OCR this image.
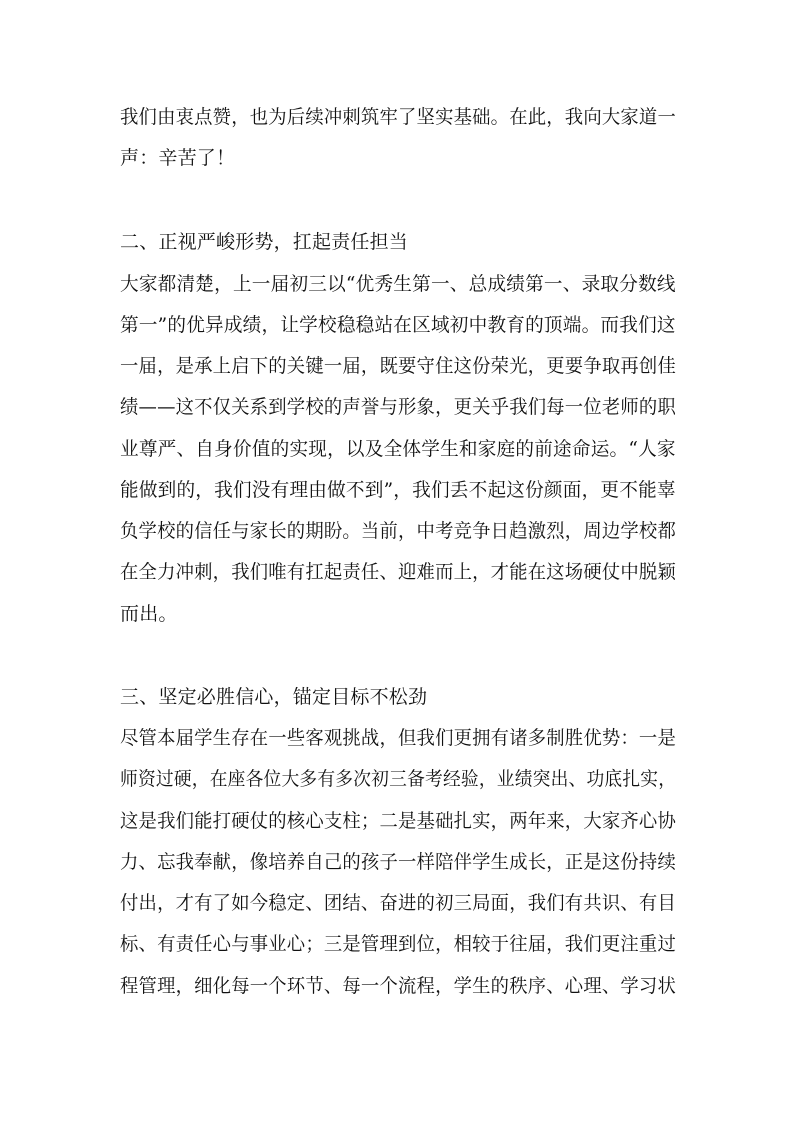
我们由衷点赞，也为后续冲刺筑牢了坚实基础。在此，我向大家道一
声：辛苦了！
二、正视严峻形势，扛起责任担当
大家都清楚，上一届初三以“优秀生第一、总成绩第一、录取分数线
第一”的优异成绩，让学校稳稳站在区域初中教育的顶端。而我们这
一届，是承上启下的关键一届，既要守住这份荣光，更要争取再创佳
绩——这不仅关系到学校的声誉与形象，更关乎我们每一位老师的职
业尊严、自身价值的实现，以及全体学生和家庭的前途命运。“人家
能做到的，我们没有理由做不到”，我们丢不起这份颜面，更不能辜
负学校的信任与家长的期盼。当前，中考竞争日趋激烈，周边学校都
在全力冲刺，我们唯有扛起责任、迎难而上，才能在这场硬仗中脱颖
而出。
三、坚定必胜信心，锚定目标不松劲
尽管本届学生存在一些客观挑战，但我们更拥有诸多制胜优势：一是
师资过硬，在座各位大多有多次初三备考经验，业绩突出、功底扎实，
这是我们能打硬仗的核心支柱；二是基础扎实，两年来，大家齐心协
力、忘我奉献，像培养自己的孩子一样陪伴学生成长，正是这份持续
付出，才有了如今稳定、团结、奋进的初三局面，我们有共识、有目
标、有责任心与事业心；三是管理到位，相较于往届，我们更注重过
程管理，细化每一个环节、每一个流程，学生的秩序、心理、学习状
